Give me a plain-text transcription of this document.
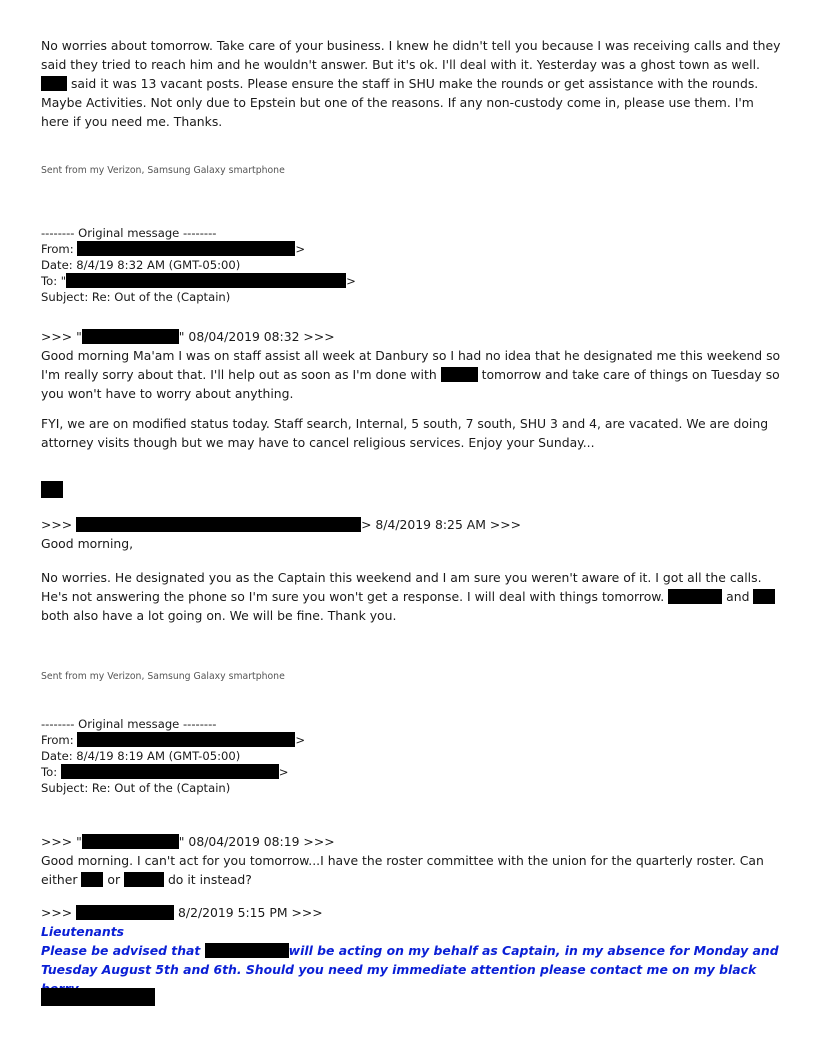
No worries about tomorrow. Take care of your business. I knew he didn't tell you because I was receiving calls and they said they tried to reach him and he wouldn't answer. But it's ok. I'll deal with it. Yesterday was a ghost town as well.  said it was 13 vacant posts. Please ensure the staff in SHU make the rounds or get assistance with the rounds. Maybe Activities. Not only due to Epstein but one of the reasons. If any non-custody come in, please use them. I'm here if you need me. Thanks.

Sent from my Verizon, Samsung Galaxy smartphone

-------- Original message --------

From:	>

Date: 8/4/19 8:32 AM (GMT-05:00)

To: "	>

Subject: Re: Out of the (Captain)

>>> "	" 08/04/2019 08:32 >>>

Good morning Ma'am I was on staff assist all week at Danbury so I had no idea that he designated me this weekend so I'm really sorry about that. I'll help out as soon as I'm done with	tomorrow and take care of things on Tuesday so you won't have to worry about anything.

FYI, we are on modified status today. Staff search, Internal, 5 south, 7 south, SHU 3 and 4, are vacated. We are doing attorney visits though but we may have to cancel religious services. Enjoy your Sunday...

>>>	> 8/4/2019 8:25 AM >>>

Good morning,

No worries. He designated you as the Captain this weekend and I am sure you weren't aware of it. I got all the calls. He's not answering the phone so I'm sure you won't get a response. I will deal with things tomorrow.	and  both also have a lot going on. We will be fine. Thank you.

Sent from my Verizon, Samsung Galaxy smartphone

-------- Original message --------

From:	>

Date: 8/4/19 8:19 AM (GMT-05:00)

To:	>

Subject: Re: Out of the (Captain)

>>> "	" 08/04/2019 08:19 >>>

Good morning. I can't act for you tomorrow...I have the roster committee with the union for the quarterly roster. Can either  or	do it instead?

>>>	8/2/2019 5:15 PM >>>

Lieutenants

Please be advised that	will be acting on my behalf as Captain, in my absence for Monday and Tuesday August 5th and 6th. Should you need my immediate attention please contact me on my black
